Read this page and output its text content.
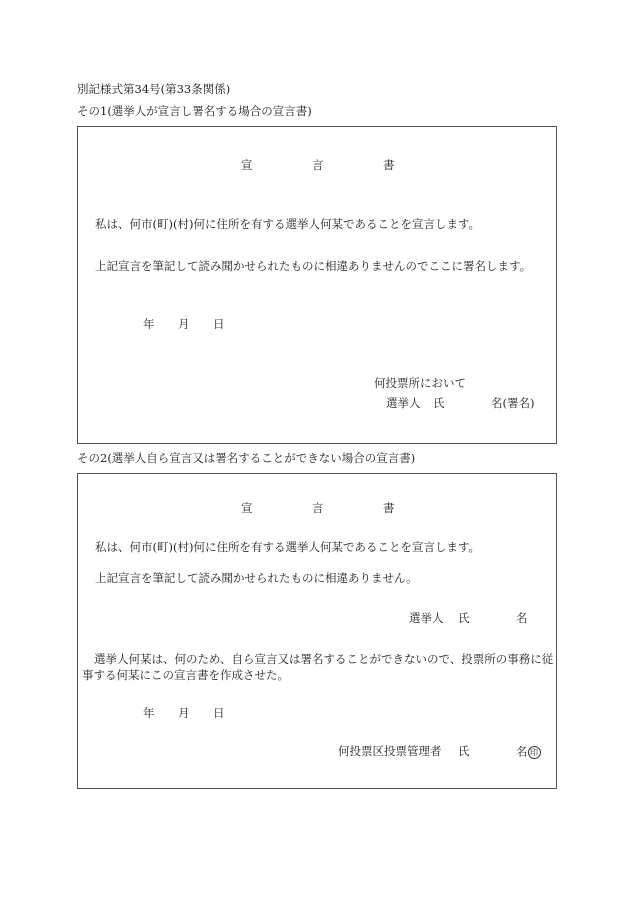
別記様式第34号(第33条関係)
その1(選挙人が宣言し署名する場合の宣言書)
宣	言	書
私は、何市(町)(村)何に住所を有する選挙人何某であることを宣言します。
上記宣言を筆記して読み聞かせられたものに相違ありませんのでここに署名します。
年 月 日
何投票所において
選挙人 氏	名(署名)
その2(選挙人自ら宣言又は署名することができない場合の宣言書)
宣	言	書
私は、何市(町)(村)何に住所を有する選挙人何某であることを宣言します。
上記宣言を筆記して読み聞かせられたものに相違ありません。
選挙人 氏	名
選挙人何某は、何のため、自ら宣言又は署名することができないので、投票所の事務に従事する何某にこの宣言書を作成させた。
年 月 日
何投票区投票管理者 氏	名 印
